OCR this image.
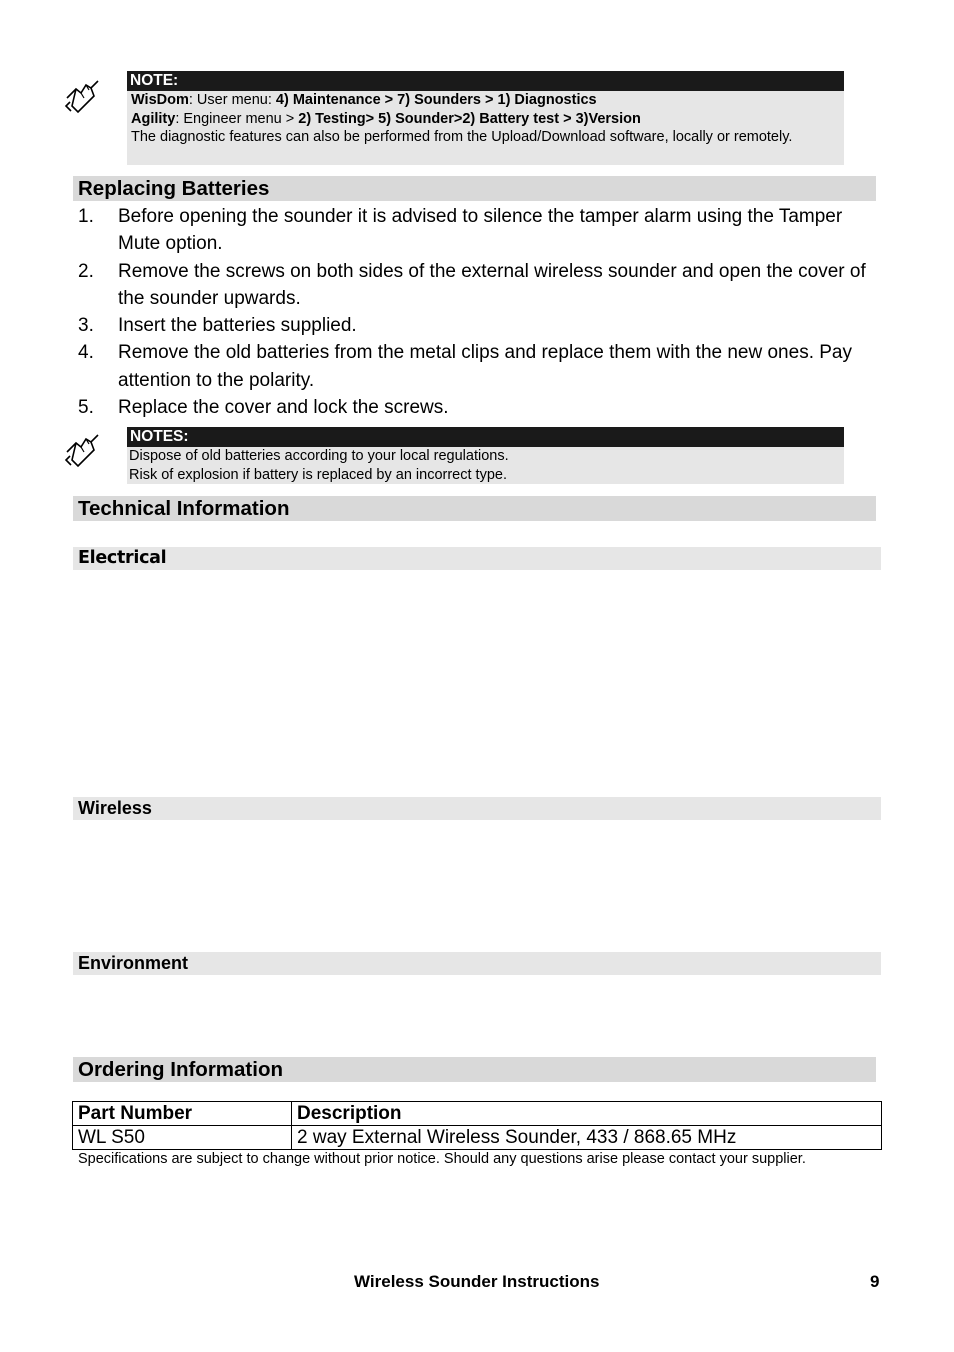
NOTE:
WisDom: User menu: 4) Maintenance > 7) Sounders > 1) Diagnostics
Agility: Engineer menu > 2) Testing> 5) Sounder>2) Battery test > 3)Version
The diagnostic features can also be performed from the Upload/Download software, locally or remotely.
Replacing Batteries
1. Before opening the sounder it is advised to silence the tamper alarm using the Tamper Mute option.
2. Remove the screws on both sides of the external wireless sounder and open the cover of the sounder upwards.
3. Insert the batteries supplied.
4. Remove the old batteries from the metal clips and replace them with the new ones. Pay attention to the polarity.
5. Replace the cover and lock the screws.
NOTES:
Dispose of old batteries according to your local regulations.
Risk of explosion if battery is replaced by an incorrect type.
Technical Information
Electrical
Wireless
Environment
Ordering Information
Part Number	Description
WL S50	2 way External Wireless Sounder, 433 / 868.65 MHz
Specifications are subject to change without prior notice. Should any questions arise please contact your supplier.
Wireless Sounder Instructions	9
